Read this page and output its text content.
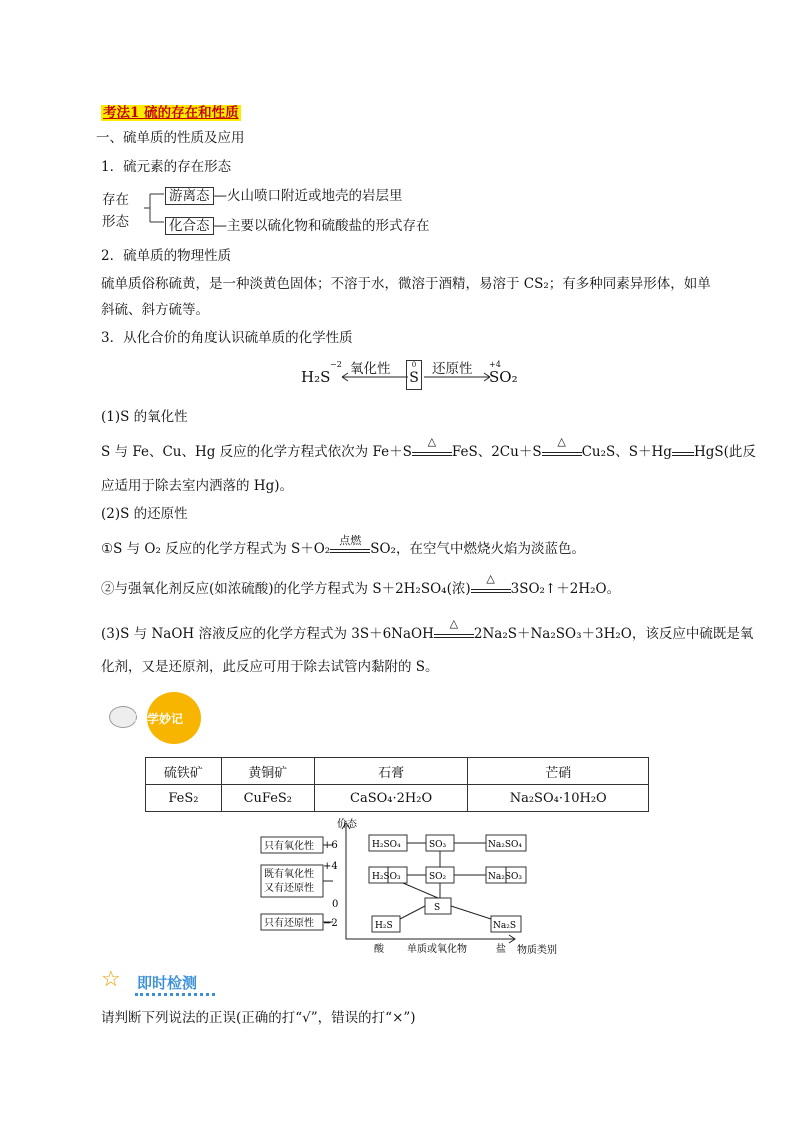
考法1 硫的存在和性质
一、硫单质的性质及应用
1．硫元素的存在形态
存在
形态
游离态 —火山喷口附近或地壳的岩层里
化合态 —主要以硫化物和硫酸盐的形式存在
2．硫单质的物理性质
硫单质俗称硫黄，是一种淡黄色固体；不溶于水，微溶于酒精，易溶于 CS₂；有多种同素异形体，如单
斜硫、斜方硫等。
3．从化合价的角度认识硫单质的化学性质
H₂S
−2 氧化性	0
S
还原性 +4
SO₂
(1)S 的氧化性
S 与 Fe、Cu、Hg 反应的化学方程式依次为 Fe＋S
△
FeS、2Cu＋S
△
Cu₂S、S＋Hg HgS(此反
应适用于除去室内洒落的 Hg)。
(2)S 的还原性
①S 与 O₂ 反应的化学方程式为 S＋O₂
点燃
SO₂，在空气中燃烧火焰为淡蓝色。
②与强氧化剂反应(如浓硫酸)的化学方程式为 S＋2H₂SO₄(浓)
△
3SO₂↑＋2H₂O。
(3)S 与 NaOH 溶液反应的化学方程式为 3S＋6NaOH
△
2Na₂S＋Na₂SO₃＋3H₂O，该反应中硫既是氧
化剂，又是还原剂，此反应可用于除去试管内黏附的 S。
巧学妙记
硫铁矿	黄铜矿	石膏	芒硝
FeS₂	CuFeS₂	CaSO₄·2H₂O	Na₂SO₄·10H₂O
价态
物质类别
+6
+4
0
−2
只有氧化性
既有氧化性
又有还原性
只有还原性
H₂SO₄	SO₃	Na₂SO₄
H₂SO₃	SO₂	Na₂SO₃
S
H₂S	Na₂S
酸 单质或氧化物	盐
☆ 即时检测
请判断下列说法的正误(正确的打“√”，错误的打“×”)
